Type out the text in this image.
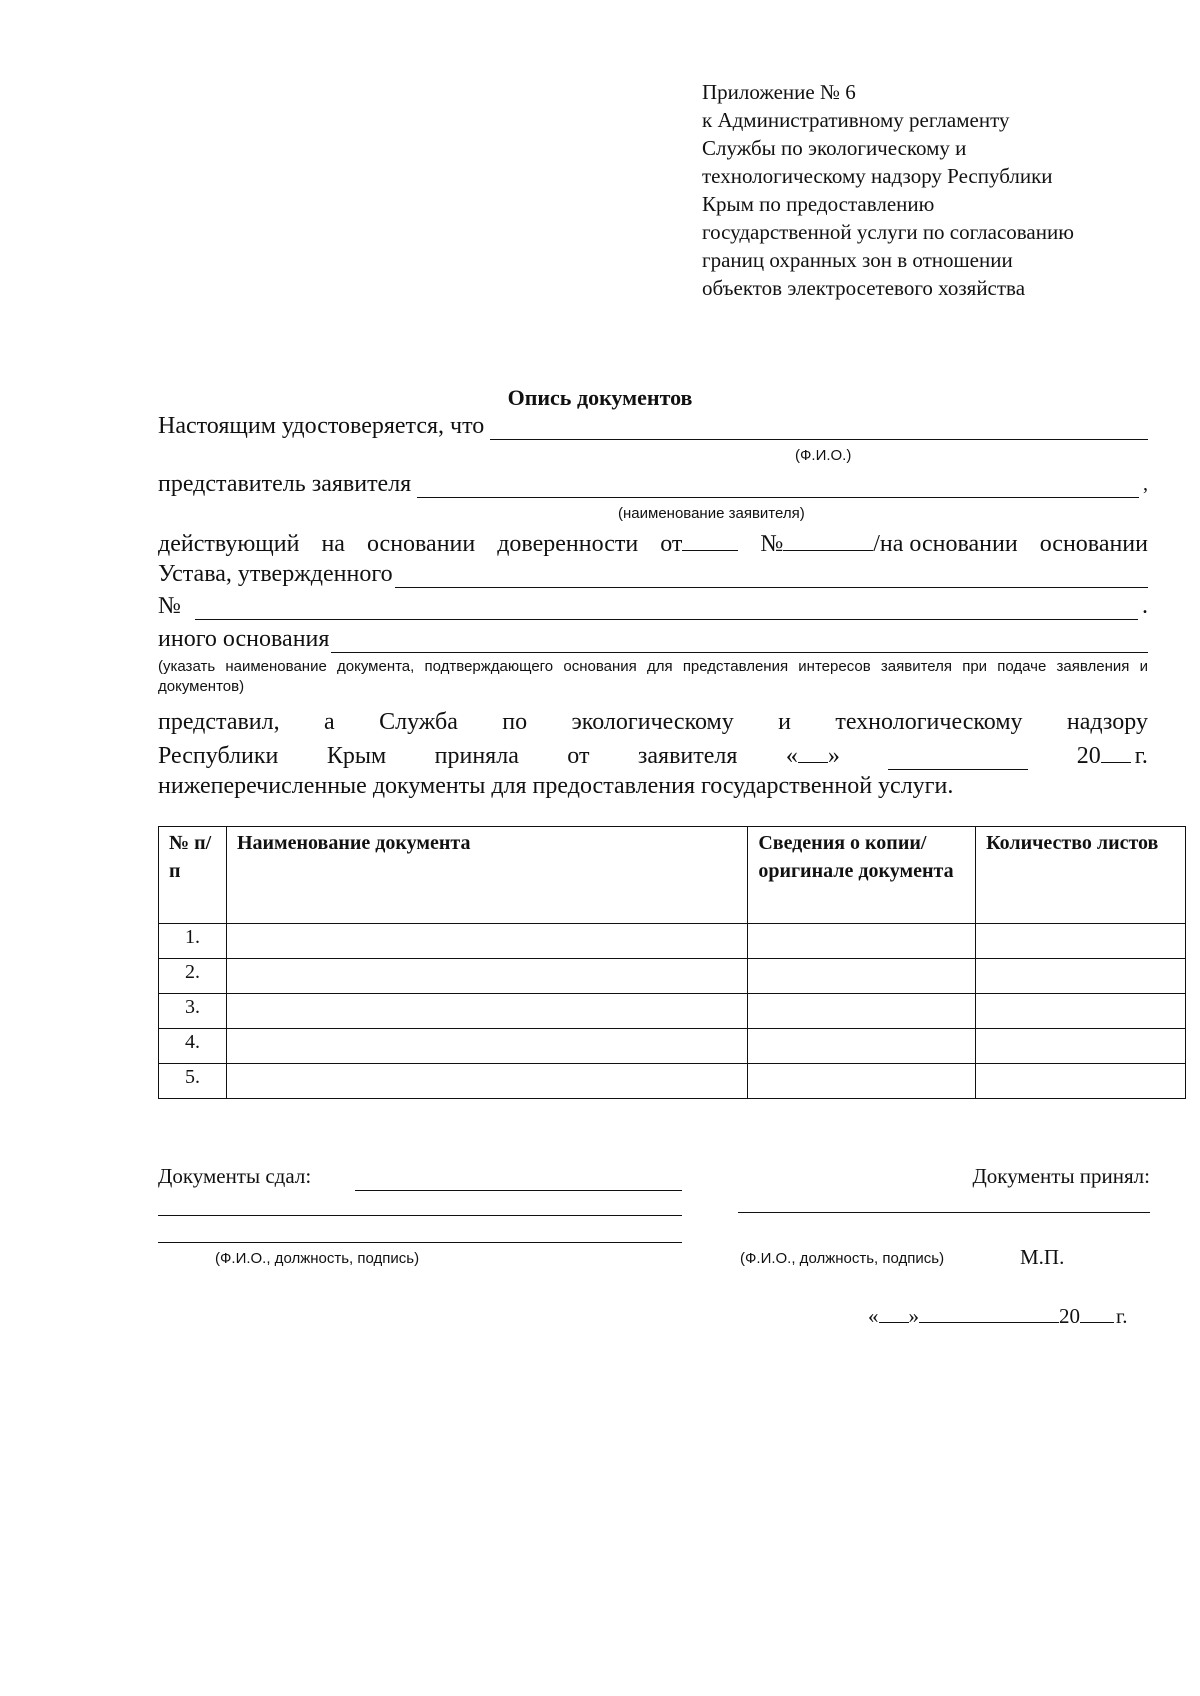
Приложение № 6
к Административному регламенту
Службы по экологическому и
технологическому надзору Республики
Крым по предоставлению
государственной услуги по согласованию
границ охранных зон в отношении
объектов электросетевого хозяйства
Опись документов
Настоящим удостоверяется, что
(Ф.И.О.)
представитель заявителя	,
(наименование заявителя)
действующий на основании доверенности от	№	/на основании основании
Устава, утвержденного
№	.
иного основания
(указать наименование документа, подтверждающего основания для представления интересов заявителя при подаче заявления и документов)
представил, а Служба по экологическому и технологическому надзору
Республики Крым приняла от заявителя « »	20 г.
нижеперечисленные документы для предоставления государственной услуги.
№ п/п	Наименование документа	Сведения о копии/оригинале документа	Количество листов
1.			
2.			
3.			
4.			
5.			
Документы сдал:
(Ф.И.О., должность, подпись)
Документы принял:
(Ф.И.О., должность, подпись)	М.П.
« »	20 г.
